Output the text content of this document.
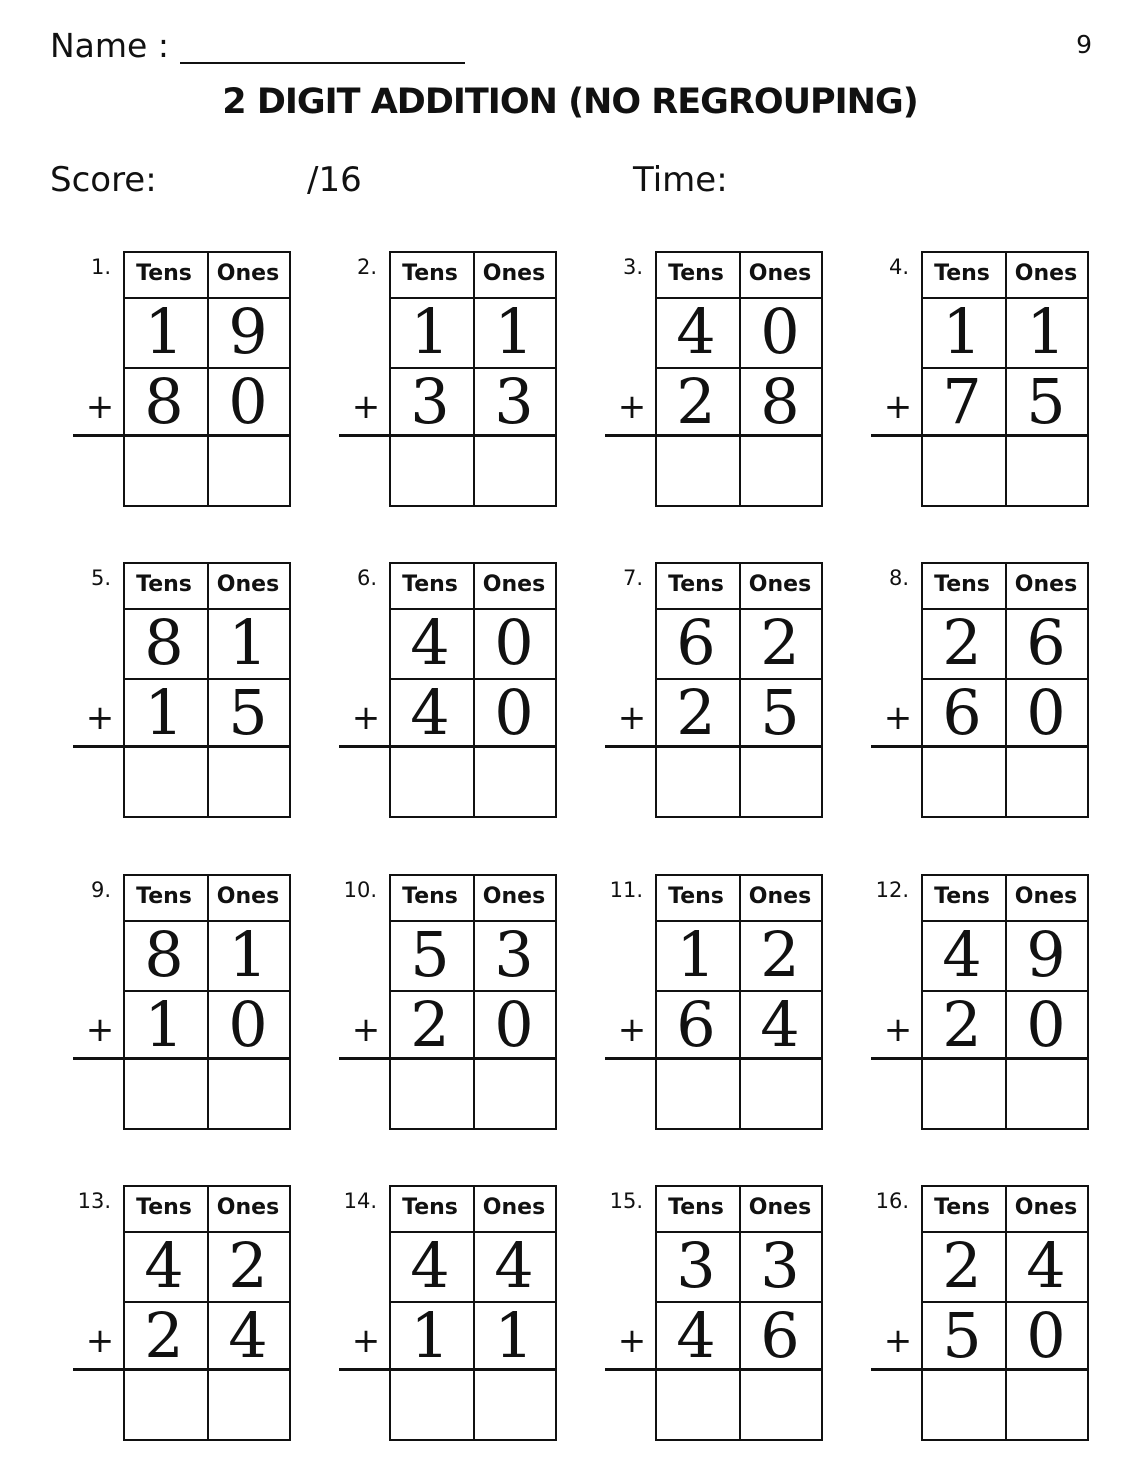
Name :	9
2 DIGIT ADDITION (NO REGROUPING)
Score:	/16	Time:
1.	Tens	Ones
1 9
+ 8 0
2.	Tens	Ones
1 1
+ 3 3
3.	Tens	Ones
4 0
+ 2 8
4.	Tens	Ones
1 1
+ 7 5
5.	Tens	Ones
8 1
+ 1 5
6.	Tens	Ones
4 0
+ 4 0
7.	Tens	Ones
6 2
+ 2 5
8.	Tens	Ones
2 6
+ 6 0
9.	Tens	Ones
8 1
+ 1 0
10.	Tens	Ones
5 3
+ 2 0
11.	Tens	Ones
1 2
+ 6 4
12.	Tens	Ones
4 9
+ 2 0
13.	Tens	Ones
4 2
+ 2 4
14.	Tens	Ones
4 4
+ 1 1
15.	Tens	Ones
3 3
+ 4 6
16.	Tens	Ones
2 4
+ 5 0
